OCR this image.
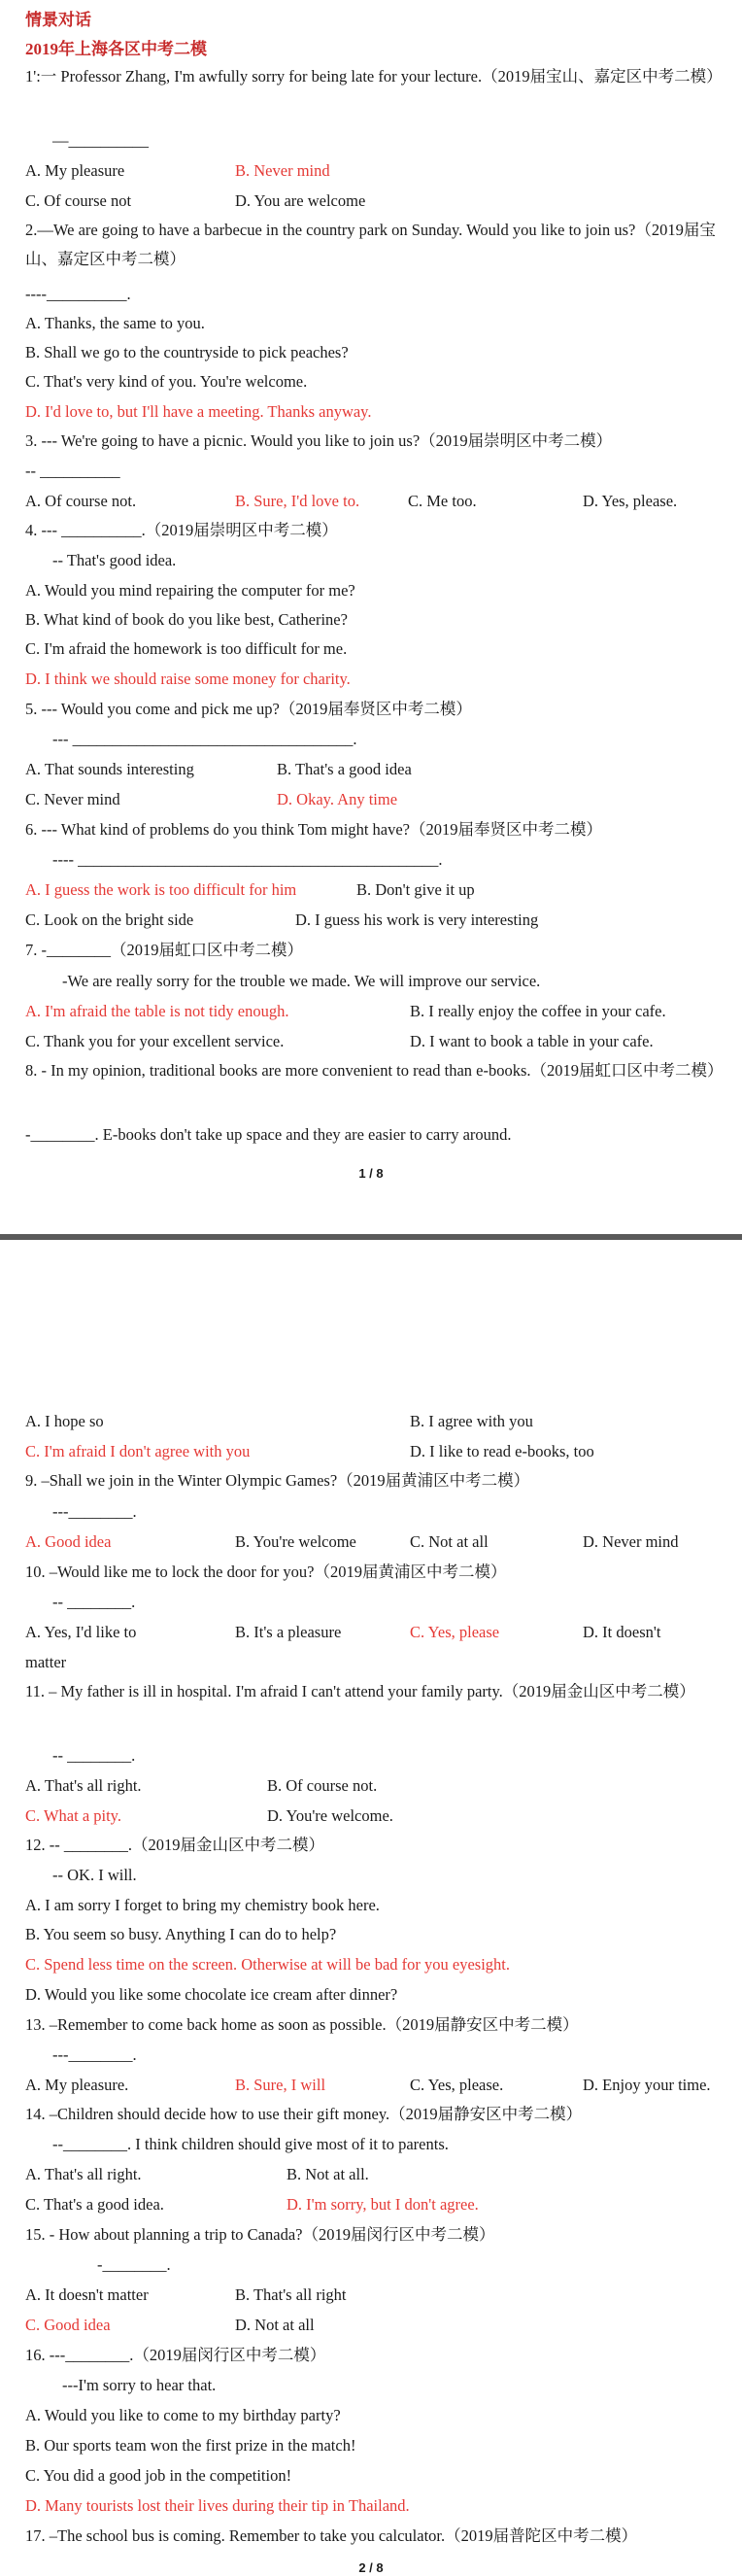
情景对话
2019年上海各区中考二模
1':一 Professor Zhang, I'm awfully sorry for being late for your lecture.（2019届宝山、嘉定区中考二模）
—__________
A. My pleasure	B. Never mind
C. Of course not	D. You are welcome
2.—We are going to have a barbecue in the country park on Sunday. Would you like to join us?（2019届宝山、嘉定区中考二模）
----__________.
A. Thanks, the same to you.
B. Shall we go to the countryside to pick peaches?
C. That's very kind of you. You're welcome.
D. I'd love to, but I'll have a meeting. Thanks anyway.
3. --- We're going to have a picnic. Would you like to join us?（2019届崇明区中考二模）
-- __________
A. Of course not.	B. Sure, I'd love to.	C. Me too.	D. Yes, please.
4. --- __________.（2019届崇明区中考二模）
-- That's good idea.
A. Would you mind repairing the computer for me?
B. What kind of book do you like best, Catherine?
C. I'm afraid the homework is too difficult for me.
D. I think we should raise some money for charity.
5. --- Would you come and pick me up?（2019届奉贤区中考二模）
--- ___________________________________.
A. That sounds interesting	B. That's a good idea
C. Never mind	D. Okay. Any time
6. --- What kind of problems do you think Tom might have?（2019届奉贤区中考二模）
---- _____________________________________________.
A. I guess the work is too difficult for him	B. Don't give it up
C. Look on the bright side	D. I guess his work is very interesting
7. -________（2019届虹口区中考二模）
-We are really sorry for the trouble we made. We will improve our service.
A. I'm afraid the table is not tidy enough.	B. I really enjoy the coffee in your cafe.
C. Thank you for your excellent service.	D. I want to book a table in your cafe.
8. - In my opinion, traditional books are more convenient to read than e-books.（2019届虹口区中考二模）
-________. E-books don't take up space and they are easier to carry around.
1 / 8
A. I hope so	B. I agree with you
C. I'm afraid I don't agree with you	D. I like to read e-books, too
9. –Shall we join in the Winter Olympic Games?（2019届黄浦区中考二模）
---________.
A. Good idea	B. You're welcome	C. Not at all	D. Never mind
10. –Would like me to lock the door for you?（2019届黄浦区中考二模）
-- ________.
A. Yes, I'd like to	B. It's a pleasure	C. Yes, please	D. It doesn't
matter
11. – My father is ill in hospital. I'm afraid I can't attend your family party.（2019届金山区中考二模）
-- ________.
A. That's all right.	B. Of course not.
C. What a pity.	D. You're welcome.
12. -- ________.（2019届金山区中考二模）
-- OK. I will.
A. I am sorry I forget to bring my chemistry book here.
B. You seem so busy. Anything I can do to help?
C. Spend less time on the screen. Otherwise at will be bad for you eyesight.
D. Would you like some chocolate ice cream after dinner?
13. –Remember to come back home as soon as possible.（2019届静安区中考二模）
---________.
A. My pleasure.	B. Sure, I will	C. Yes, please.	D. Enjoy your time.
14. –Children should decide how to use their gift money.（2019届静安区中考二模）
--________. I think children should give most of it to parents.
A. That's all right.	B. Not at all.
C. That's a good idea.	D. I'm sorry, but I don't agree.
15. - How about planning a trip to Canada?（2019届闵行区中考二模）
-________.
A. It doesn't matter	B. That's all right
C. Good idea	D. Not at all
16. ---________.（2019届闵行区中考二模）
---I'm sorry to hear that.
A. Would you like to come to my birthday party?
B. Our sports team won the first prize in the match!
C. You did a good job in the competition!
D. Many tourists lost their lives during their tip in Thailand.
17. –The school bus is coming. Remember to take you calculator.（2019届普陀区中考二模）
2 / 8
